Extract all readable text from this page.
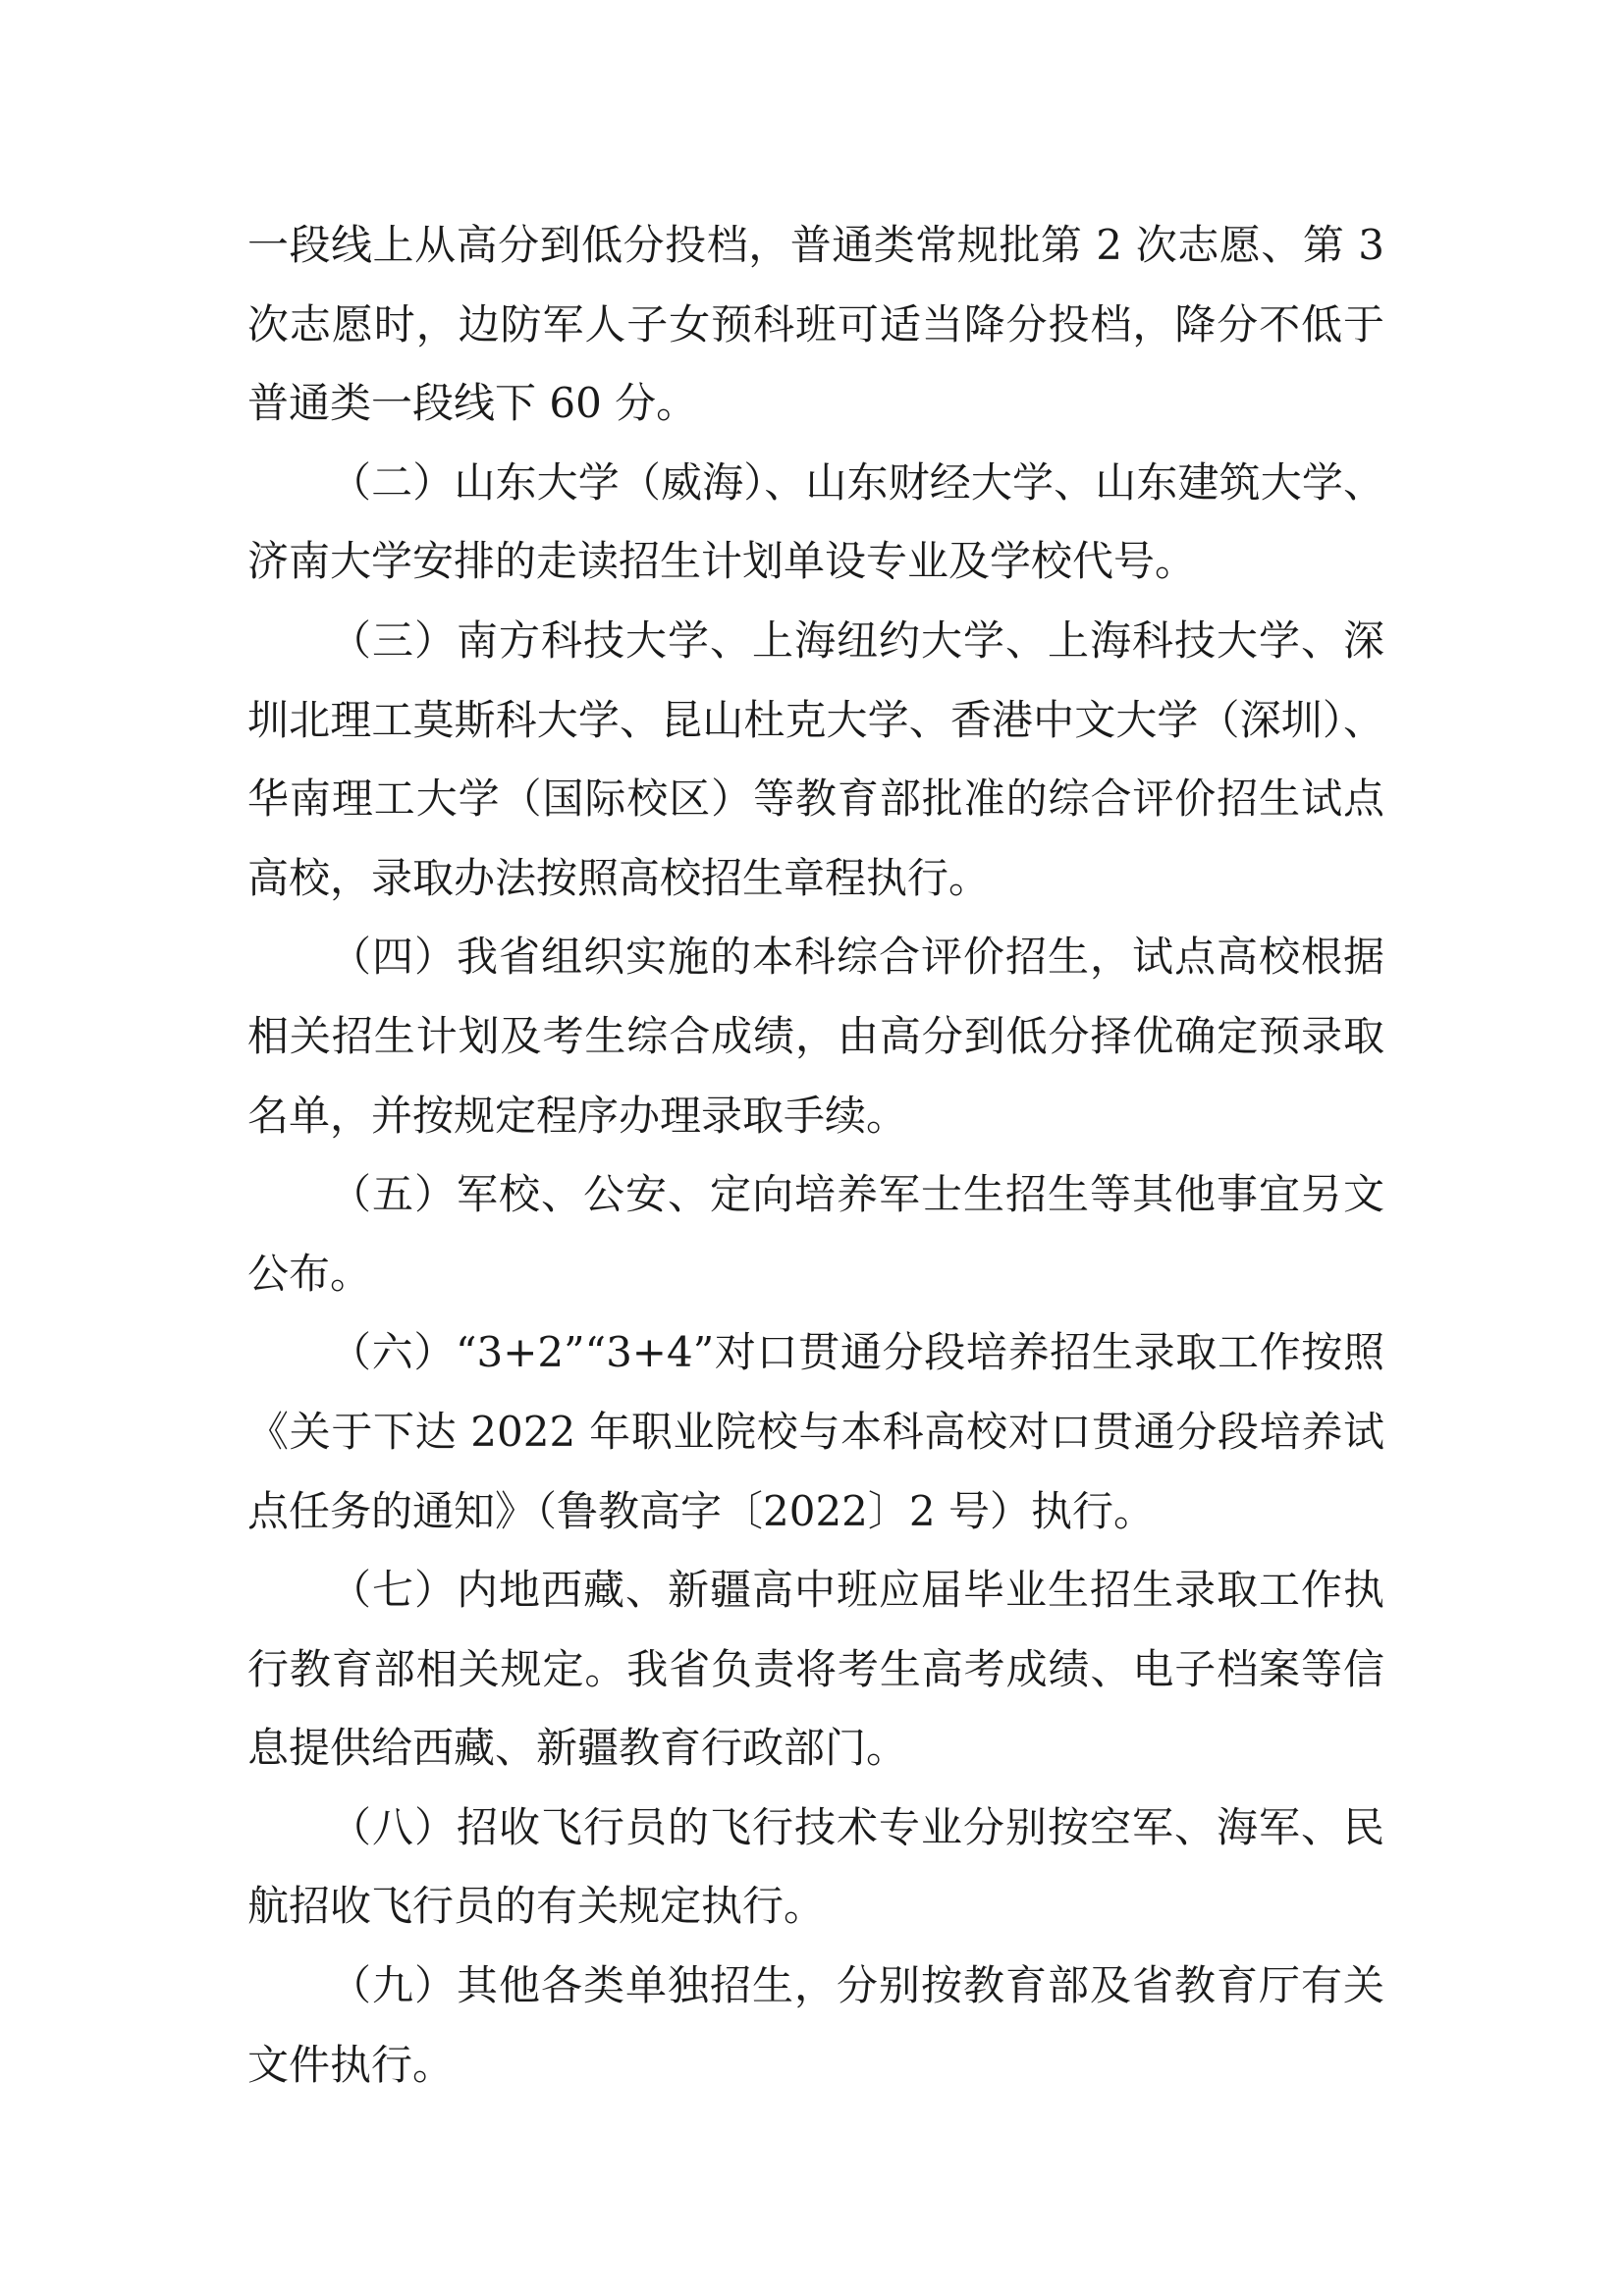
一段线上从高分到低分投档，普通类常规批第 2 次志愿、第 3 次志愿时，边防军人子女预科班可适当降分投档，降分不低于普通类一段线下 60 分。

（二）山东大学（威海）、山东财经大学、山东建筑大学、济南大学安排的走读招生计划单设专业及学校代号。

（三）南方科技大学、上海纽约大学、上海科技大学、深圳北理工莫斯科大学、昆山杜克大学、香港中文大学（深圳）、华南理工大学（国际校区）等教育部批准的综合评价招生试点高校，录取办法按照高校招生章程执行。

（四）我省组织实施的本科综合评价招生，试点高校根据相关招生计划及考生综合成绩，由高分到低分择优确定预录取名单，并按规定程序办理录取手续。

（五）军校、公安、定向培养军士生招生等其他事宜另文公布。

（六）“3+2”“3+4”对口贯通分段培养招生录取工作按照《关于下达 2022 年职业院校与本科高校对口贯通分段培养试点任务的通知》（鲁教高字〔2022〕2 号）执行。

（七）内地西藏、新疆高中班应届毕业生招生录取工作执行教育部相关规定。我省负责将考生高考成绩、电子档案等信息提供给西藏、新疆教育行政部门。

（八）招收飞行员的飞行技术专业分别按空军、海军、民航招收飞行员的有关规定执行。

（九）其他各类单独招生，分别按教育部及省教育厅有关文件执行。
